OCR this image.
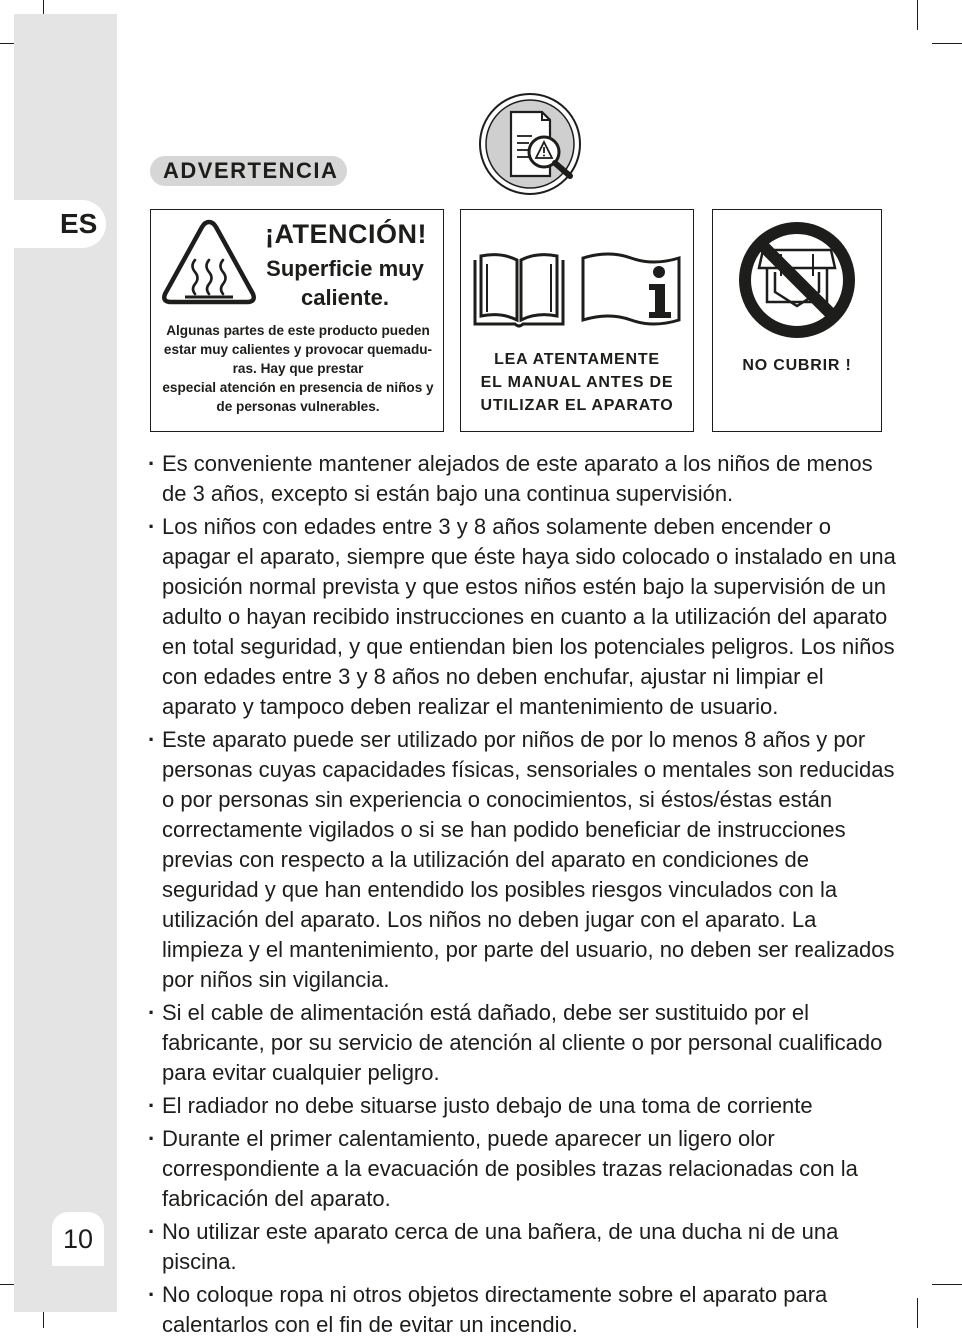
ES
10
ADVERTENCIA
¡ATENCIÓN!
Superficie muy
caliente.
Algunas partes de este producto pueden
estar muy calientes y provocar quemadu-
ras. Hay que prestar
especial atención en presencia de niños y
de personas vulnerables.
LEA ATENTAMENTE
EL MANUAL ANTES DE
UTILIZAR EL APARATO
NO CUBRIR !
· Es conveniente mantener alejados de este aparato a los niños de menos de 3 años, excepto si están bajo una continua supervisión.
· Los niños con edades entre 3 y 8 años solamente deben encender o apagar el aparato, siempre que éste haya sido colocado o instalado en una posición normal prevista y que estos niños estén bajo la supervisión de un adulto o hayan recibido instrucciones en cuanto a la utilización del aparato en total seguridad, y que entiendan bien los potenciales peligros. Los niños con edades entre 3 y 8 años no deben enchufar, ajustar ni limpiar el aparato y tampoco deben realizar el mantenimiento de usuario.
· Este aparato puede ser utilizado por niños de por lo menos 8 años y por personas cuyas capacidades físicas, sensoriales o mentales son reducidas o por personas sin experiencia o conocimientos, si éstos/éstas están correctamente vigilados o si se han podido beneficiar de instrucciones previas con respecto a la utilización del aparato en condiciones de seguridad y que han entendido los posibles riesgos vinculados con la utilización del aparato. Los niños no deben jugar con el aparato. La limpieza y el mantenimiento, por parte del usuario, no deben ser realizados por niños sin vigilancia.
· Si el cable de alimentación está dañado, debe ser sustituido por el fabricante, por su servicio de atención al cliente o por personal cualificado para evitar cualquier peligro.
· El radiador no debe situarse justo debajo de una toma de corriente
· Durante el primer calentamiento, puede aparecer un ligero olor correspondiente a la evacuación de posibles trazas relacionadas con la fabricación del aparato.
· No utilizar este aparato cerca de una bañera, de una ducha ni de una piscina.
· No coloque ropa ni otros objetos directamente sobre el aparato para calentarlos con el fin de evitar un incendio.
